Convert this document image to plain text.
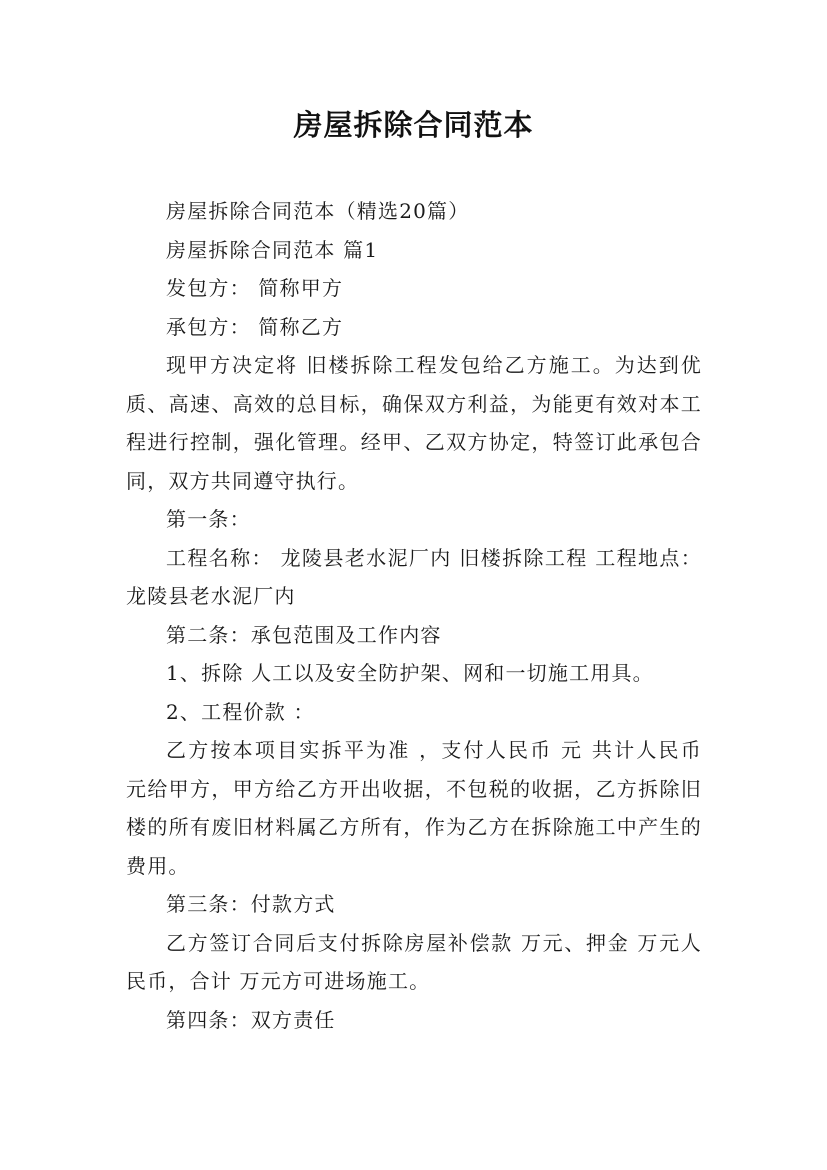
房屋拆除合同范本

房屋拆除合同范本（精选20篇）

房屋拆除合同范本 篇1

发包方： 简称甲方

承包方： 简称乙方

现甲方决定将 旧楼拆除工程发包给乙方施工。为达到优质、高速、高效的总目标，确保双方利益，为能更有效对本工程进行控制，强化管理。经甲、乙双方协定，特签订此承包合同，双方共同遵守执行。

第一条：

工程名称： 龙陵县老水泥厂内 旧楼拆除工程 工程地点： 龙陵县老水泥厂内

第二条：承包范围及工作内容

1、拆除 人工以及安全防护架、网和一切施工用具。

2、工程价款 ：

乙方按本项目实拆平为准 ，支付人民币 元 共计人民币 元给甲方，甲方给乙方开出收据，不包税的收据，乙方拆除旧楼的所有废旧材料属乙方所有，作为乙方在拆除施工中产生的费用。

第三条：付款方式

乙方签订合同后支付拆除房屋补偿款 万元、押金 万元人民币，合计 万元方可进场施工。

第四条：双方责任
